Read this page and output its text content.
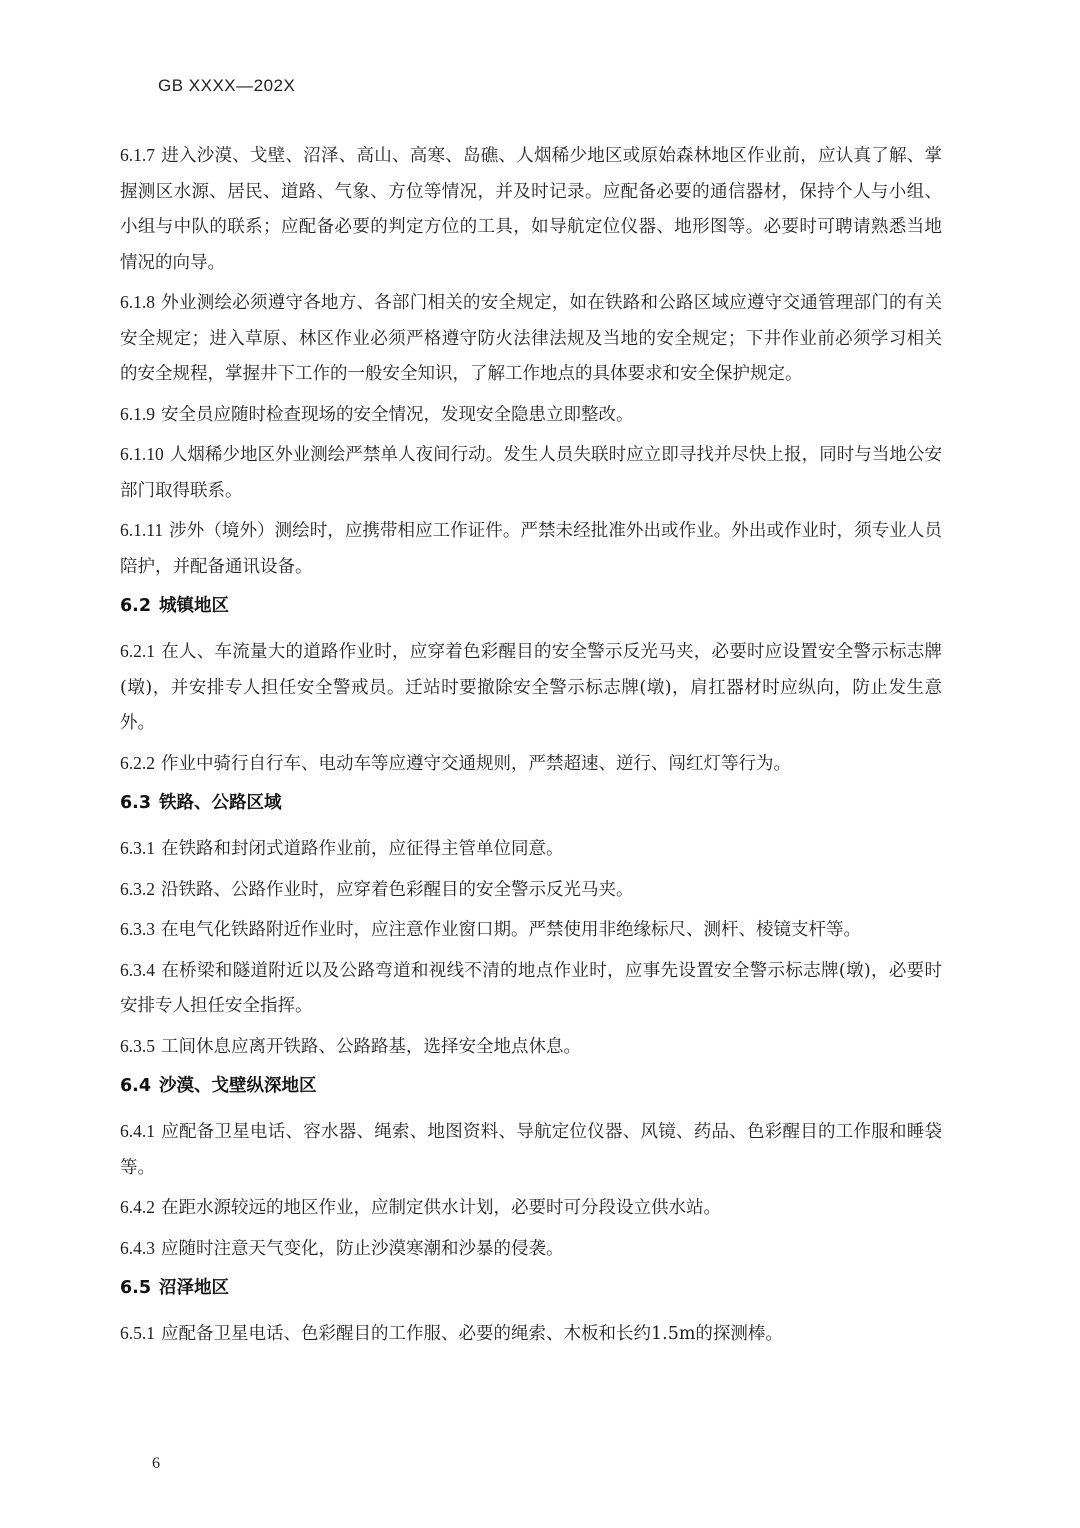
GB XXXX—202X

6.1.7 进入沙漠、戈壁、沼泽、高山、高寒、岛礁、人烟稀少地区或原始森林地区作业前，应认真了解、掌握测区水源、居民、道路、气象、方位等情况，并及时记录。应配备必要的通信器材，保持个人与小组、小组与中队的联系；应配备必要的判定方位的工具，如导航定位仪器、地形图等。必要时可聘请熟悉当地情况的向导。

6.1.8 外业测绘必须遵守各地方、各部门相关的安全规定，如在铁路和公路区域应遵守交通管理部门的有关安全规定；进入草原、林区作业必须严格遵守防火法律法规及当地的安全规定；下井作业前必须学习相关的安全规程，掌握井下工作的一般安全知识，了解工作地点的具体要求和安全保护规定。

6.1.9 安全员应随时检查现场的安全情况，发现安全隐患立即整改。

6.1.10 人烟稀少地区外业测绘严禁单人夜间行动。发生人员失联时应立即寻找并尽快上报，同时与当地公安部门取得联系。

6.1.11 涉外（境外）测绘时，应携带相应工作证件。严禁未经批准外出或作业。外出或作业时，须专业人员陪护，并配备通讯设备。

6.2 城镇地区

6.2.1 在人、车流量大的道路作业时，应穿着色彩醒目的安全警示反光马夹，必要时应设置安全警示标志牌(墩)，并安排专人担任安全警戒员。迁站时要撤除安全警示标志牌(墩)，肩扛器材时应纵向，防止发生意外。

6.2.2 作业中骑行自行车、电动车等应遵守交通规则，严禁超速、逆行、闯红灯等行为。

6.3 铁路、公路区域

6.3.1 在铁路和封闭式道路作业前，应征得主管单位同意。

6.3.2 沿铁路、公路作业时，应穿着色彩醒目的安全警示反光马夹。

6.3.3 在电气化铁路附近作业时，应注意作业窗口期。严禁使用非绝缘标尺、测杆、棱镜支杆等。

6.3.4 在桥梁和隧道附近以及公路弯道和视线不清的地点作业时，应事先设置安全警示标志牌(墩)，必要时安排专人担任安全指挥。

6.3.5 工间休息应离开铁路、公路路基，选择安全地点休息。

6.4 沙漠、戈壁纵深地区

6.4.1 应配备卫星电话、容水器、绳索、地图资料、导航定位仪器、风镜、药品、色彩醒目的工作服和睡袋等。

6.4.2 在距水源较远的地区作业，应制定供水计划，必要时可分段设立供水站。

6.4.3 应随时注意天气变化，防止沙漠寒潮和沙暴的侵袭。

6.5 沼泽地区

6.5.1 应配备卫星电话、色彩醒目的工作服、必要的绳索、木板和长约1.5m的探测棒。

6
